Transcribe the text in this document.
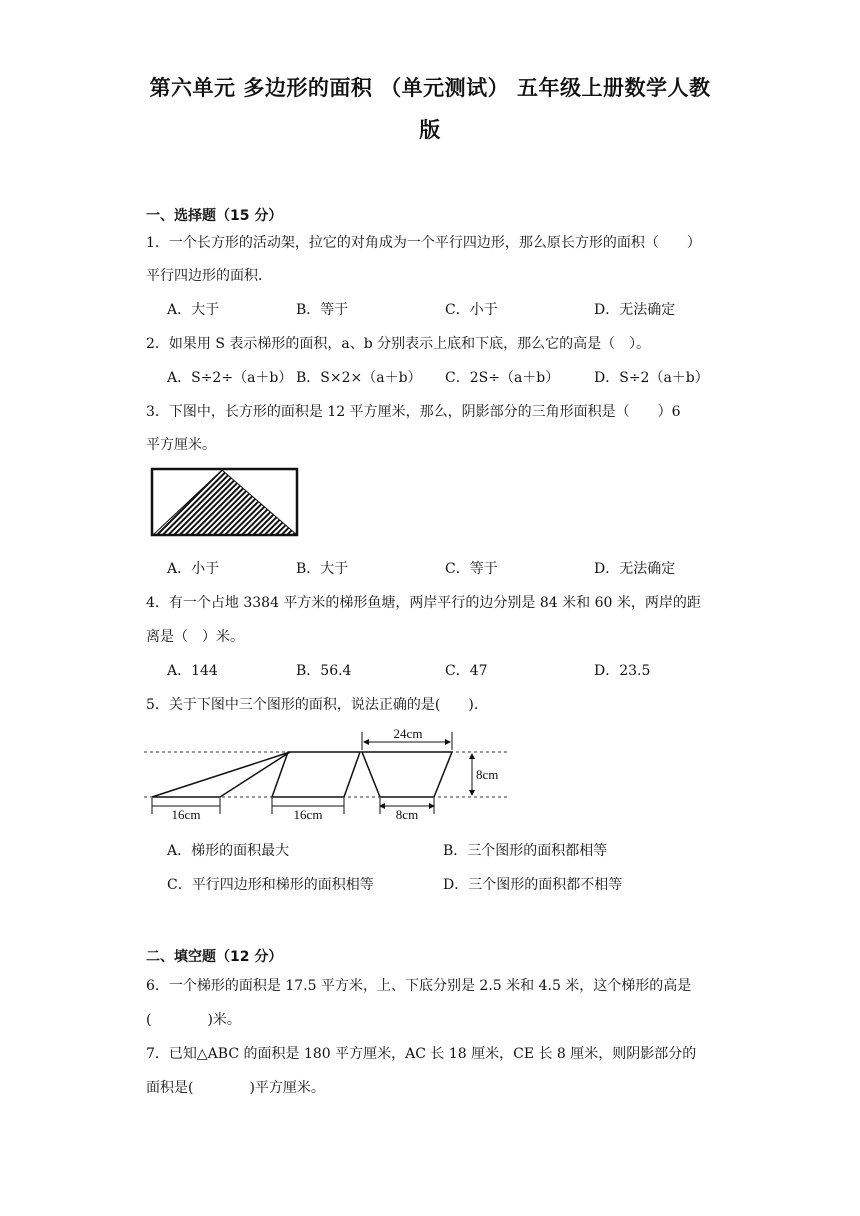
第六单元 多边形的面积 （单元测试） 五年级上册数学人教
版
一、选择题（15 分）
1．一个长方形的活动架，拉它的对角成为一个平行四边形，那么原长方形的面积（　　）
平行四边形的面积.
A．大于	B．等于	C．小于	D．无法确定
2．如果用 S 表示梯形的面积，a、b 分别表示上底和下底，那么它的高是（　）。
A．S÷2÷（a＋b） B．S×2×（a＋b） C．2S÷（a＋b） D．S÷2（a＋b）
3．下图中，长方形的面积是 12 平方厘米，那么，阴影部分的三角形面积是（　　）6
平方厘米。
A．小于	B．大于	C．等于	D．无法确定
4．有一个占地 3384 平方米的梯形鱼塘，两岸平行的边分别是 84 米和 60 米，两岸的距
离是（　）米。
A．144	B．56.4	C．47	D．23.5
5．关于下图中三个图形的面积，说法正确的是(　　).
24cm
8cm
16cm	16cm	8cm
A．梯形的面积最大	B．三个图形的面积都相等
C．平行四边形和梯形的面积相等	D．三个图形的面积都不相等
二、填空题（12 分）
6．一个梯形的面积是 17.5 平方米，上、下底分别是 2.5 米和 4.5 米，这个梯形的高是
(　　　　)米。
7．已知△ABC 的面积是 180 平方厘米，AC 长 18 厘米，CE 长 8 厘米，则阴影部分的
面积是(　　　　)平方厘米。
